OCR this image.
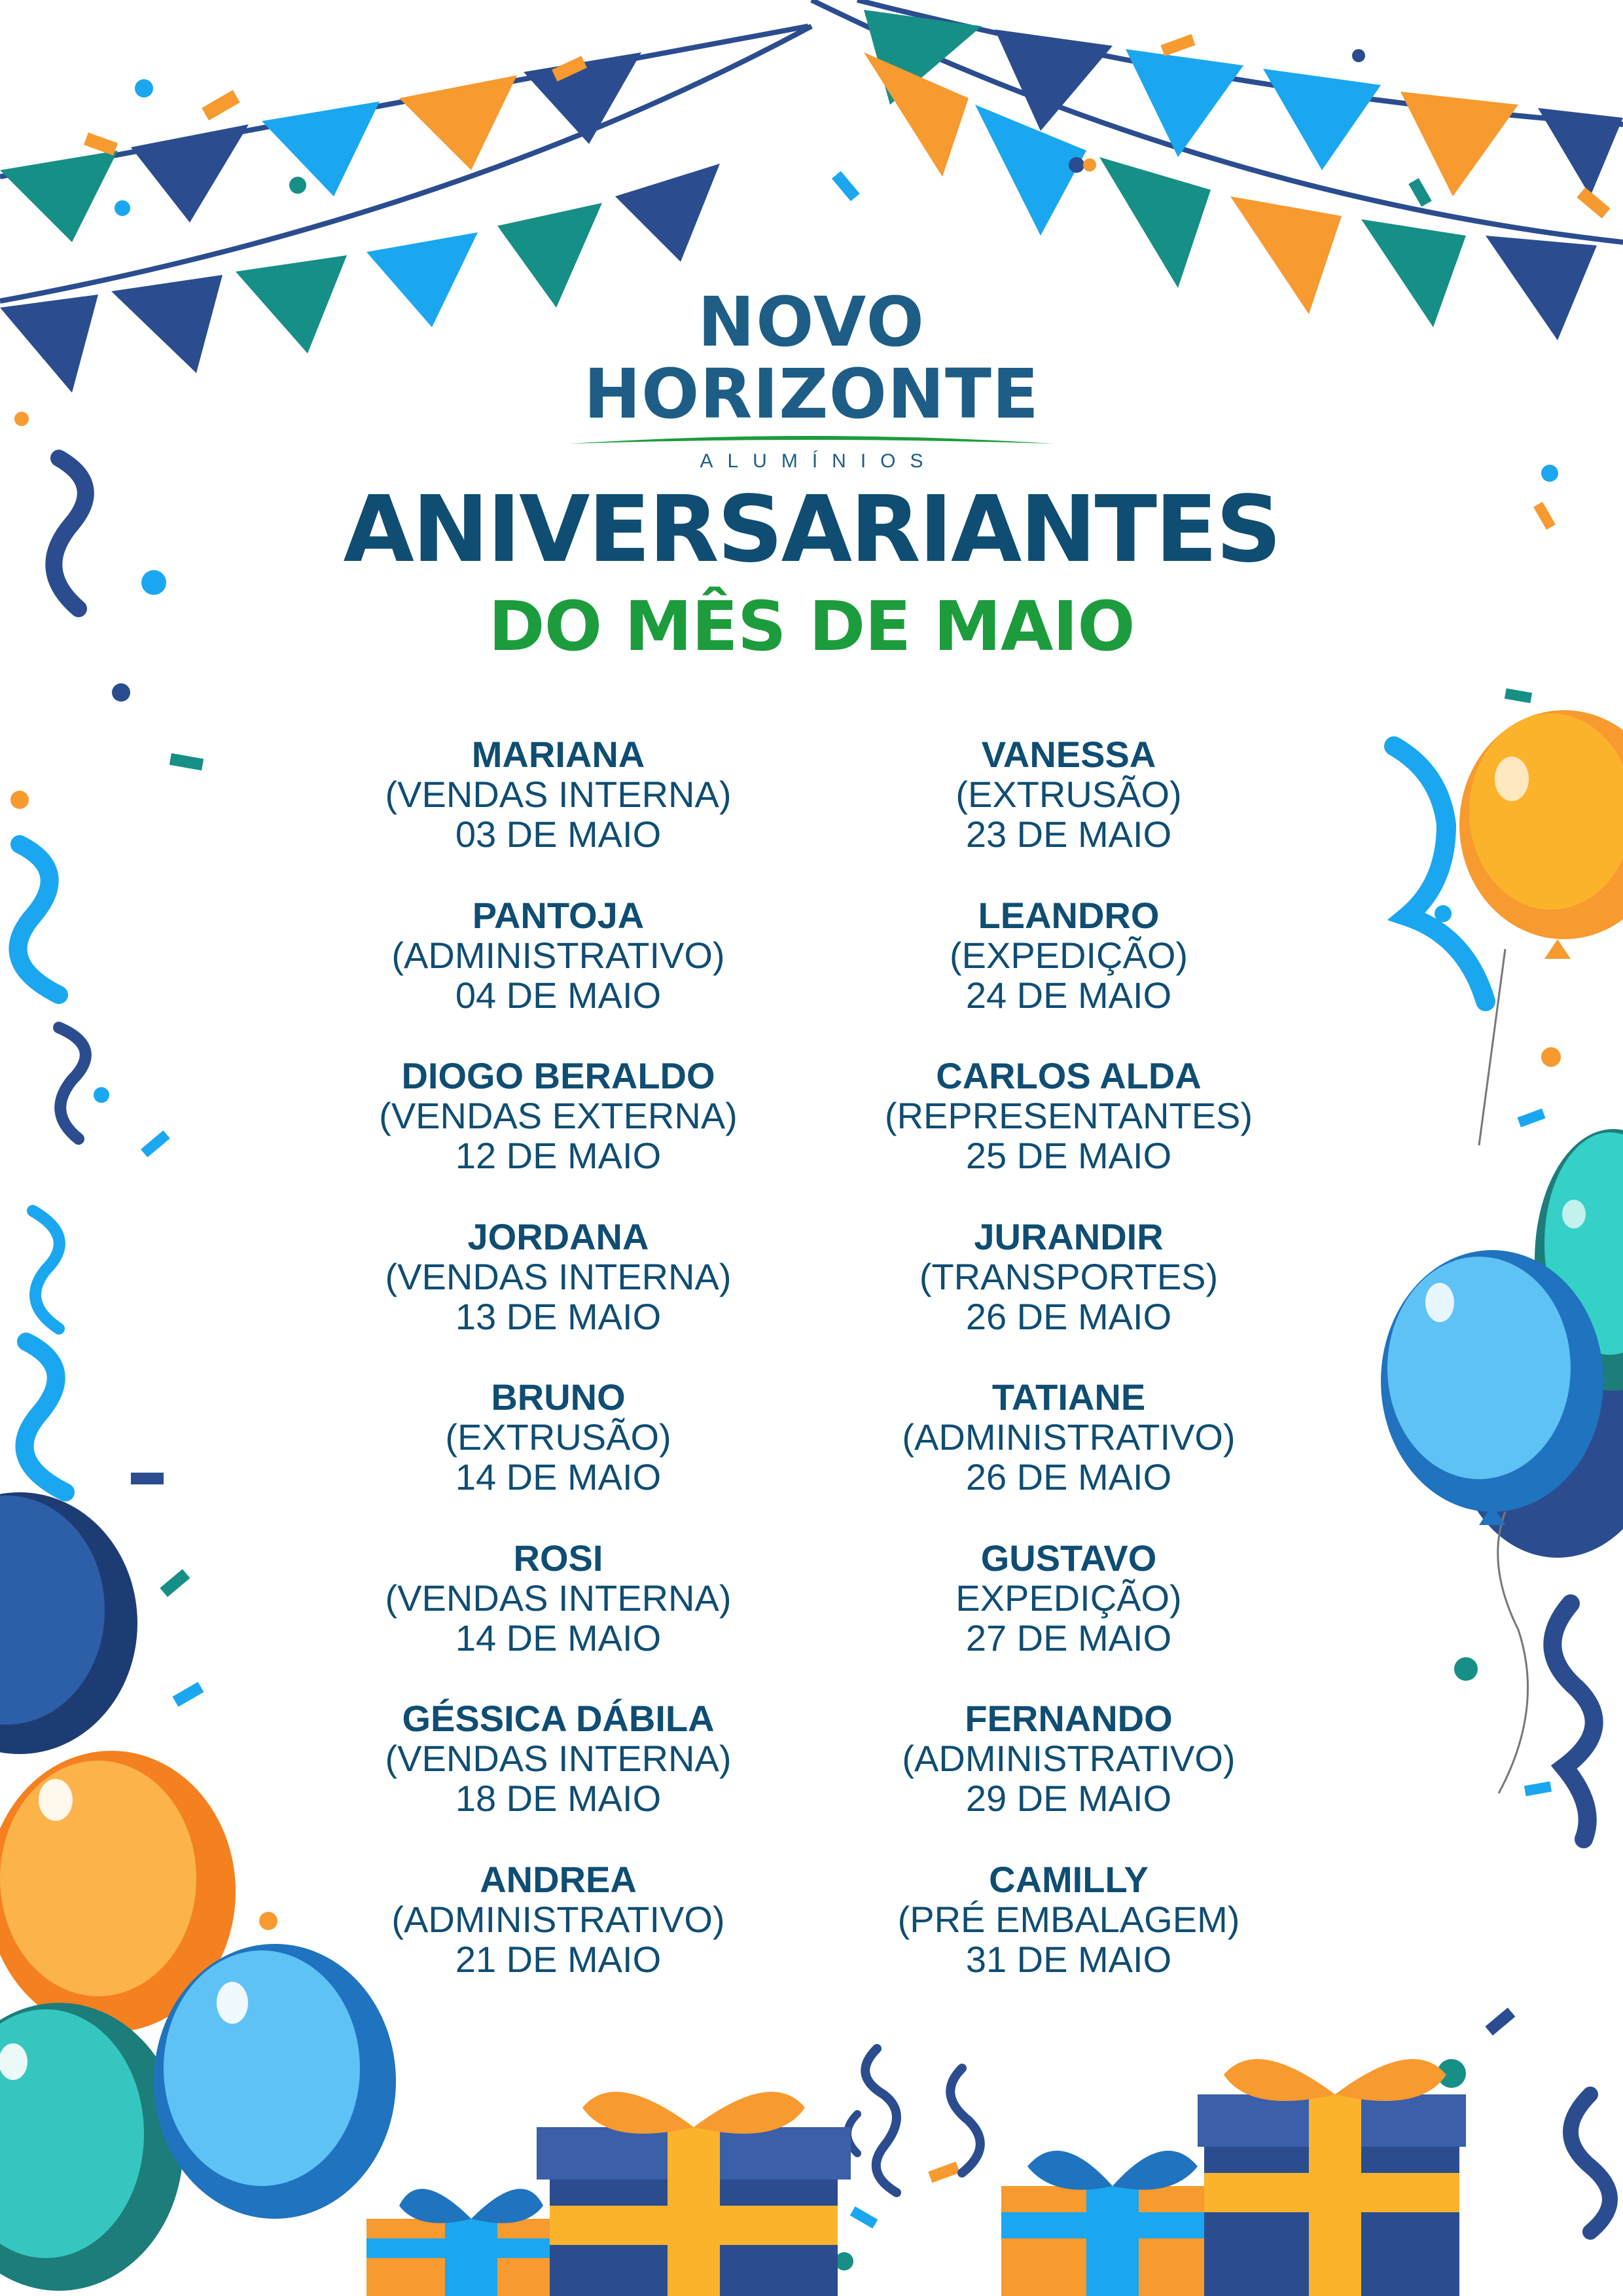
NOVO
HORIZONTE
ALUMÍNIOS
ANIVERSARIANTES
DO MÊS DE MAIO
MARIANA
(VENDAS INTERNA)
03 DE MAIO
PANTOJA
(ADMINISTRATIVO)
04 DE MAIO
DIOGO BERALDO
(VENDAS EXTERNA)
12 DE MAIO
JORDANA
(VENDAS INTERNA)
13 DE MAIO
BRUNO
(EXTRUSÃO)
14 DE MAIO
ROSI
(VENDAS INTERNA)
14 DE MAIO
GÉSSICA DÁBILA
(VENDAS INTERNA)
18 DE MAIO
ANDREA
(ADMINISTRATIVO)
21 DE MAIO
VANESSA
(EXTRUSÃO)
23 DE MAIO
LEANDRO
(EXPEDIÇÃO)
24 DE MAIO
CARLOS ALDA
(REPRESENTANTES)
25 DE MAIO
JURANDIR
(TRANSPORTES)
26 DE MAIO
TATIANE
(ADMINISTRATIVO)
26 DE MAIO
GUSTAVO
EXPEDIÇÃO)
27 DE MAIO
FERNANDO
(ADMINISTRATIVO)
29 DE MAIO
CAMILLY
(PRÉ EMBALAGEM)
31 DE MAIO
